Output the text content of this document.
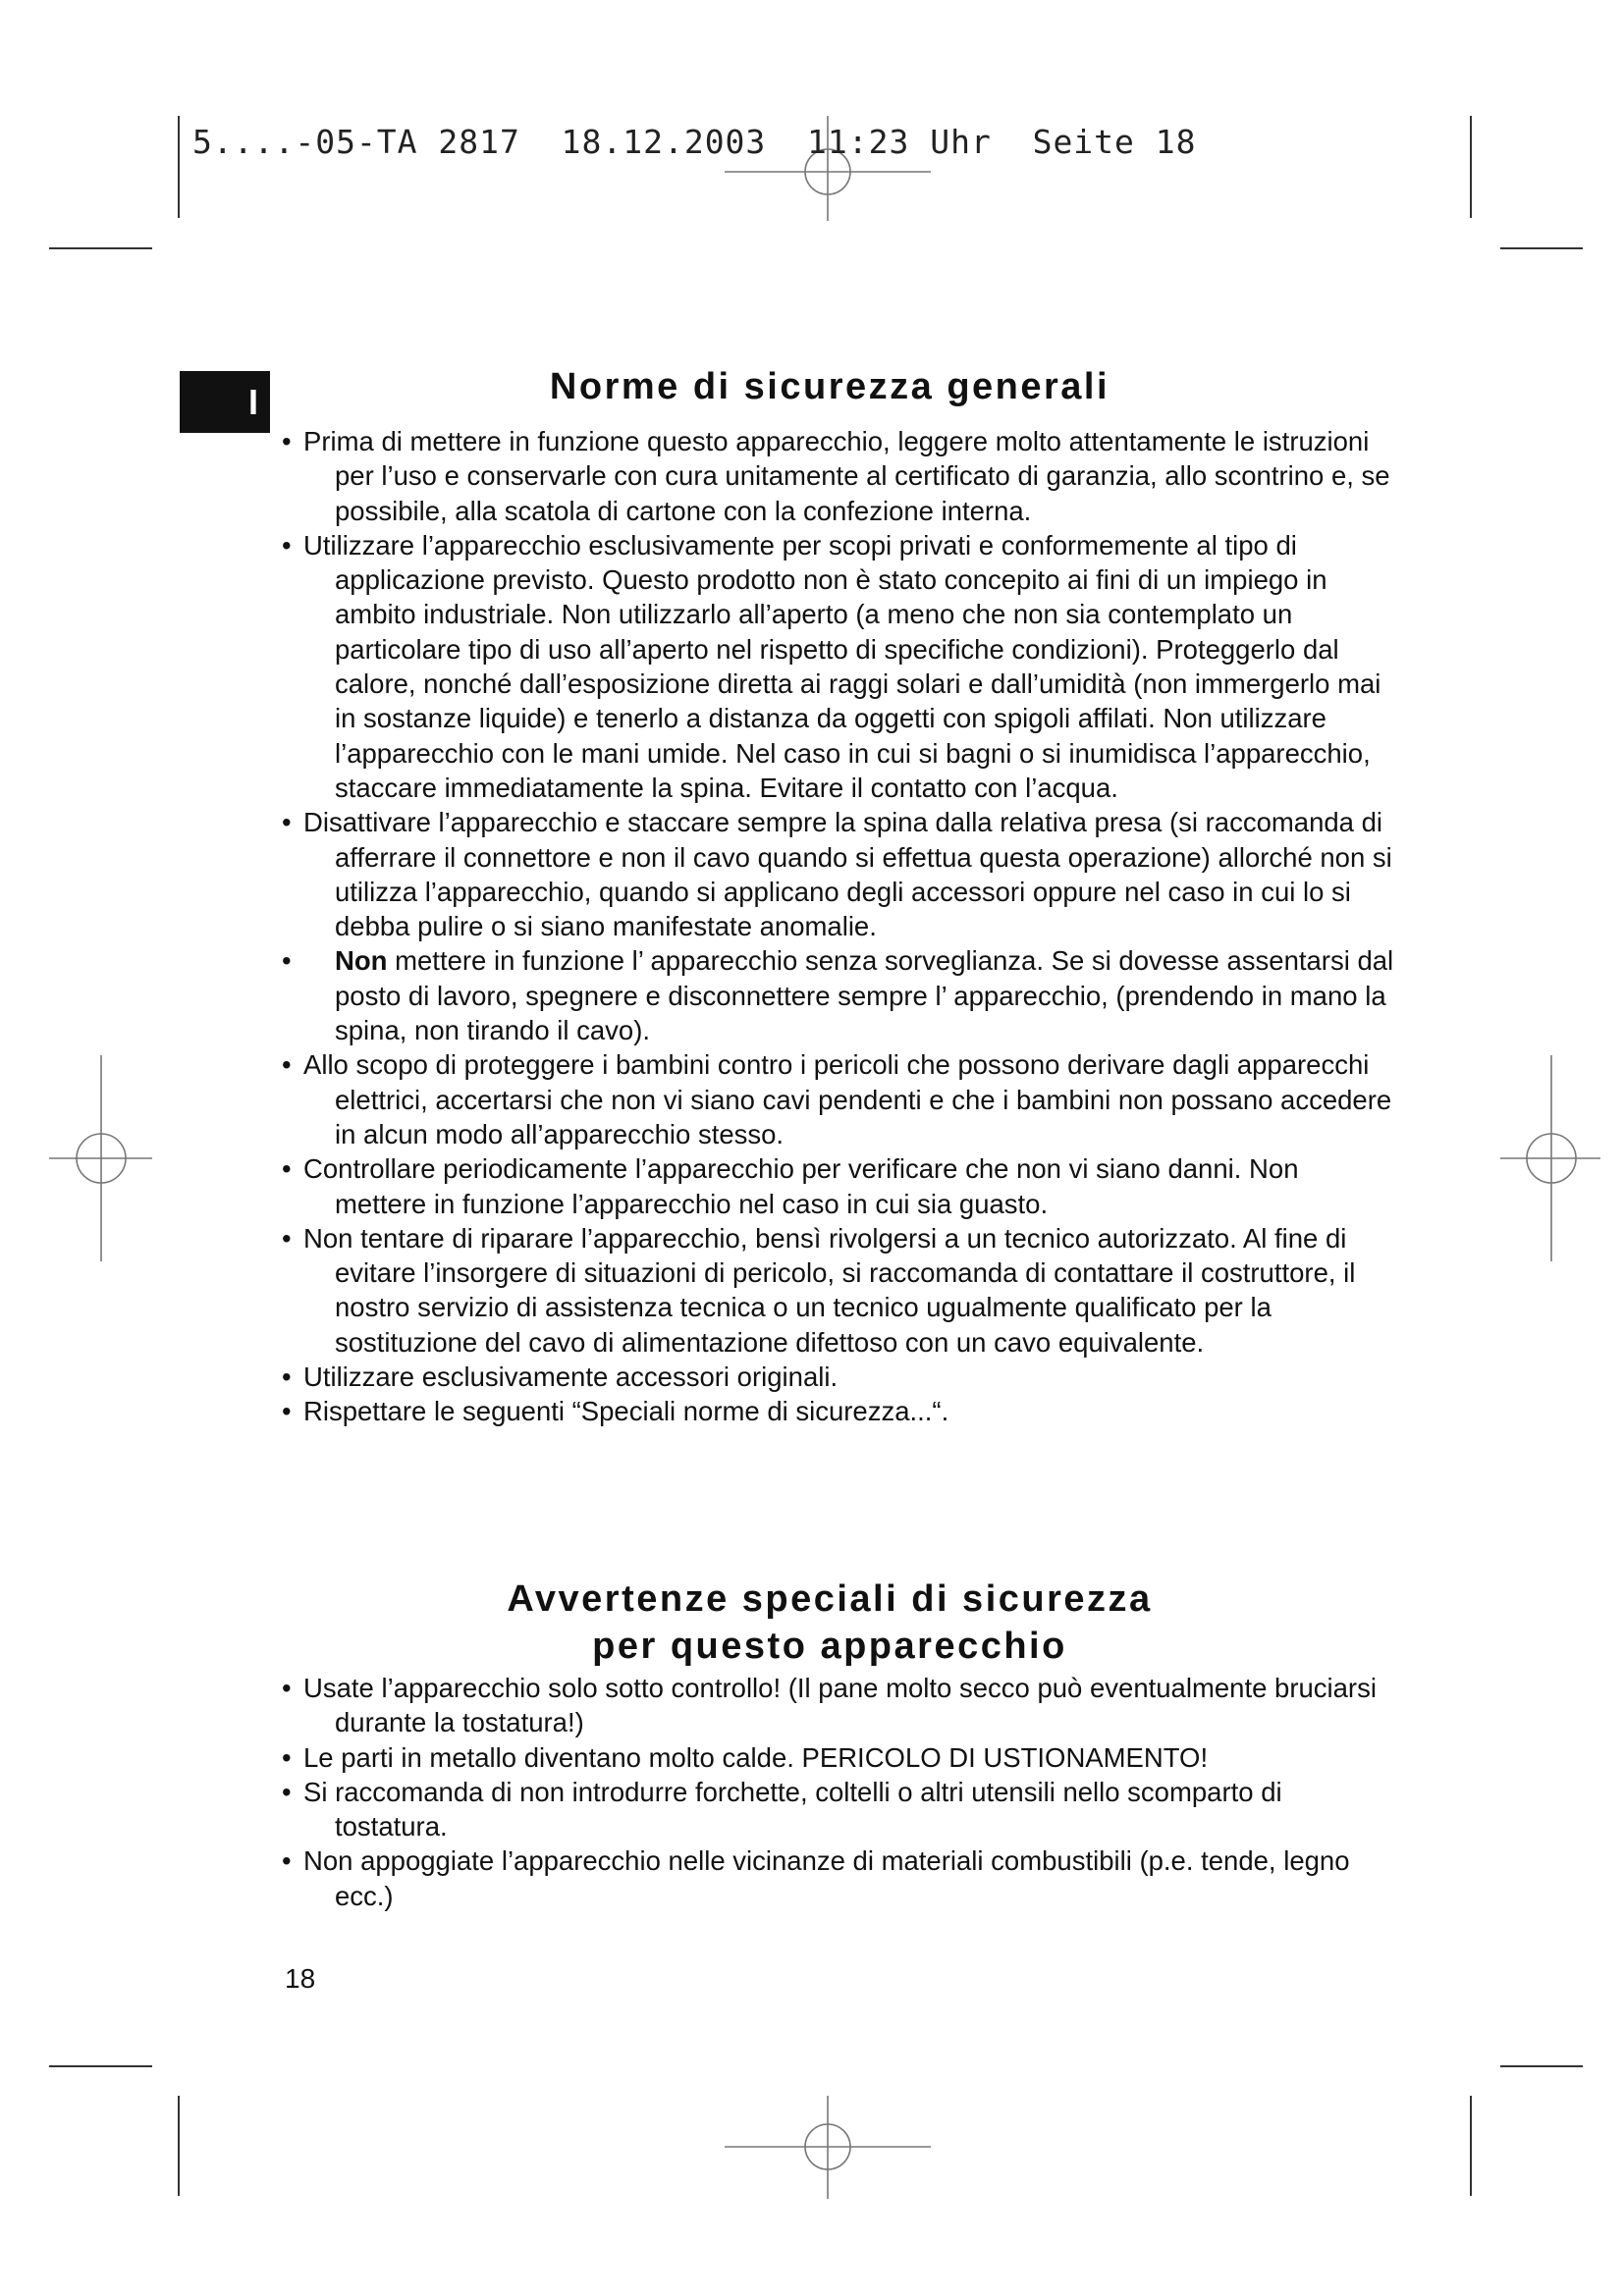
5....-05-TA 2817  18.12.2003  11:23 Uhr  Seite 18
I	Norme di sicurezza generali
• Prima di mettere in funzione questo apparecchio, leggere molto attentamente le istruzioni per l’uso e conservarle con cura unitamente al certificato di garanzia, allo scontrino e, se possibile, alla scatola di cartone con la confezione interna.
• Utilizzare l’apparecchio esclusivamente per scopi privati e conformemente al tipo di applicazione previsto. Questo prodotto non è stato concepito ai fini di un impiego in ambito industriale. Non utilizzarlo all’aperto (a meno che non sia contemplato un particolare tipo di uso all’aperto nel rispetto di specifiche condizioni). Proteggerlo dal calore, nonché dall’esposizione diretta ai raggi solari e dall’umidità (non immergerlo mai in sostanze liquide) e tenerlo a distanza da oggetti con spigoli affilati. Non utilizzare l’apparecchio con le mani umide. Nel caso in cui si bagni o si inumidisca l’apparecchio, staccare immediatamente la spina. Evitare il contatto con l’acqua.
• Disattivare l’apparecchio e staccare sempre la spina dalla relativa presa (si raccomanda di afferrare il connettore e non il cavo quando si effettua questa operazione) allorché non si utilizza l’apparecchio, quando si applicano degli accessori oppure nel caso in cui lo si debba pulire o si siano manifestate anomalie.
• Non mettere in funzione l’ apparecchio senza sorveglianza. Se si dovesse assentarsi dal posto di lavoro, spegnere e disconnettere sempre l’ apparecchio, (prendendo in mano la spina, non tirando il cavo).
• Allo scopo di proteggere i bambini contro i pericoli che possono derivare dagli apparecchi elettrici, accertarsi che non vi siano cavi pendenti e che i bambini non possano accedere in alcun modo all’apparecchio stesso.
• Controllare periodicamente l’apparecchio per verificare che non vi siano danni. Non mettere in funzione l’apparecchio nel caso in cui sia guasto.
• Non tentare di riparare l’apparecchio, bensì rivolgersi a un tecnico autorizzato. Al fine di evitare l’insorgere di situazioni di pericolo, si raccomanda di contattare il costruttore, il nostro servizio di assistenza tecnica o un tecnico ugualmente qualificato per la sostituzione del cavo di alimentazione difettoso con un cavo equivalente.
• Utilizzare esclusivamente accessori originali.
• Rispettare le seguenti “Speciali norme di sicurezza...“.
Avvertenze speciali di sicurezza
per questo apparecchio
• Usate l’apparecchio solo sotto controllo! (Il pane molto secco può eventualmente bruciarsi durante la tostatura!)
• Le parti in metallo diventano molto calde. PERICOLO DI USTIONAMENTO!
• Si raccomanda di non introdurre forchette, coltelli o altri utensili nello scomparto di tostatura.
• Non appoggiate l’apparecchio nelle vicinanze di materiali combustibili (p.e. tende, legno ecc.)
18
